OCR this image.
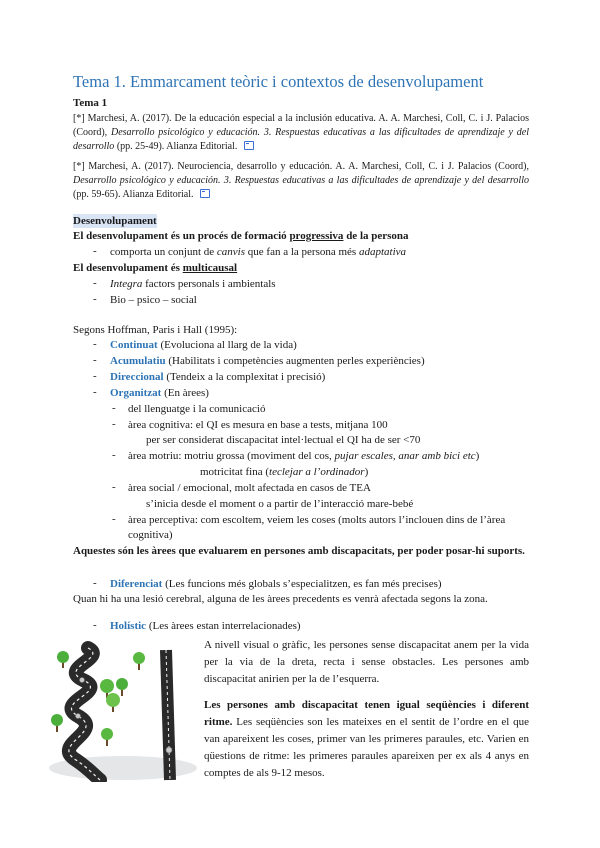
Tema 1. Emmarcament teòric i contextos de desenvolupament
Tema 1
[*] Marchesi, A. (2017). De la educación especial a la inclusión educativa. A. A. Marchesi, Coll, C. i J. Palacios (Coord), Desarrollo psicológico y educación. 3. Respuestas educativas a las dificultades de aprendizaje y del desarrollo (pp. 25-49). Alianza Editorial.
[*] Marchesi, A. (2017). Neurociencia, desarrollo y educación. A. A. Marchesi, Coll, C. i J. Palacios (Coord), Desarrollo psicológico y educación. 3. Respuestas educativas a las dificultades de aprendizaje y del desarrollo (pp. 59-65). Alianza Editorial.
Desenvolupament
El desenvolupament és un procés de formació progressiva de la persona
- comporta un conjunt de canvis que fan a la persona més adaptativa
El desenvolupament és multicausal
- Integra factors personals i ambientals
- Bio – psico – social
Segons Hoffman, Paris i Hall (1995):
- Continuat (Evoluciona al llarg de la vida)
- Acumulatiu (Habilitats i competències augmenten perles experiències)
- Direccional (Tendeix a la complexitat i precisió)
- Organitzat (En àrees)
- del llenguatge i la comunicació
- àrea cognitiva: el QI es mesura en base a tests, mitjana 100
per ser considerat discapacitat intel·lectual el QI ha de ser <70
- àrea motriu: motriu grossa (moviment del cos, pujar escales, anar amb bici etc)
motricitat fina (teclejar a l’ordinador)
- àrea social / emocional, molt afectada en casos de TEA
s’inicia desde el moment o a partir de l’interacció mare-bebé
- àrea perceptiva: com escoltem, veiem les coses (molts autors l’inclouen dins de l’àrea
cognitiva)
Aquestes són les àrees que evaluarem en persones amb discapacitats, per poder posar-hi suports.
- Diferenciat (Les funcions més globals s’especialitzen, es fan més precises)
Quan hi ha una lesió cerebral, alguna de les àrees precedents es venrà afectada segons la zona.
- Holístic (Les àrees estan interrelacionades)
A nivell visual o gràfic, les persones sense discapacitat anem per la vida per la via de la dreta, recta i sense obstacles. Les persones amb discapacitat anirien per la de l’esquerra.
Les persones amb discapacitat tenen igual seqüències i diferent ritme. Les seqüències son les mateixes en el sentit de l’ordre en el que van apareixent les coses, primer van les primeres paraules, etc. Varien en qüestions de ritme: les primeres paraules apareixen per ex als 4 anys en comptes de als 9-12 mesos.
